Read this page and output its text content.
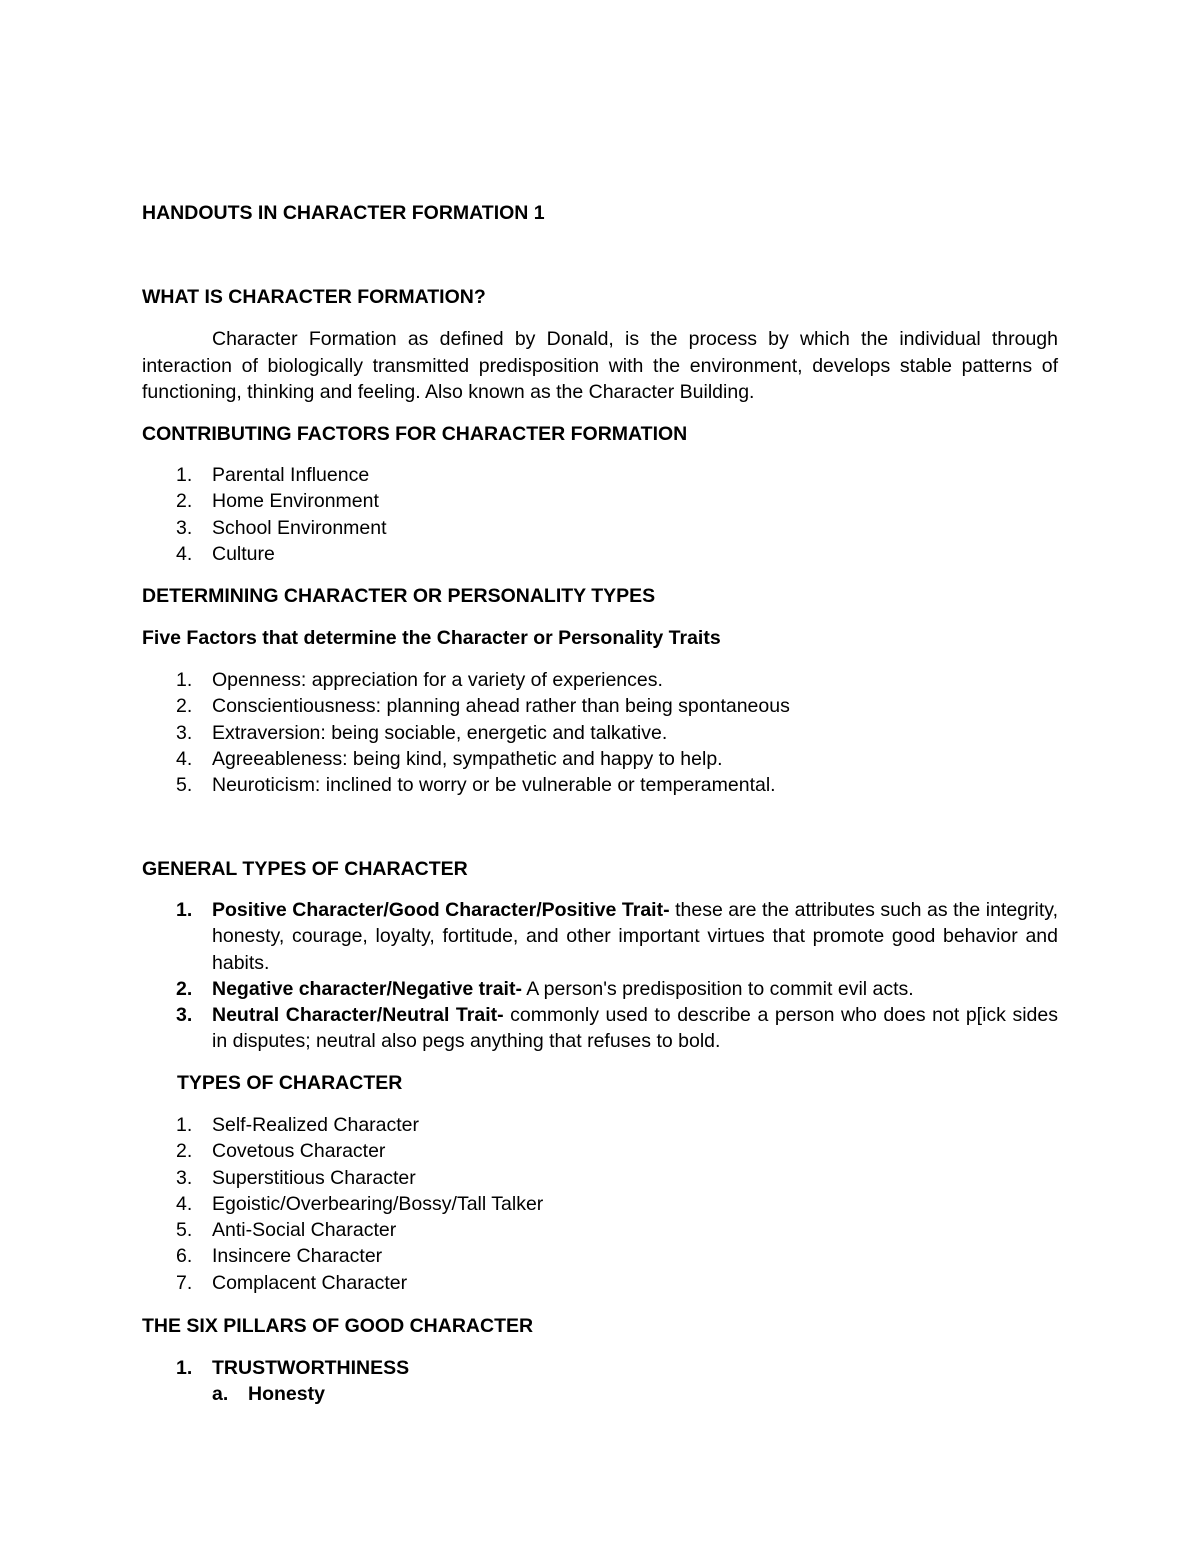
HANDOUTS IN CHARACTER FORMATION 1
WHAT IS CHARACTER FORMATION?
Character Formation as defined by Donald, is the process by which the individual through interaction of biologically transmitted predisposition with the environment, develops stable patterns of functioning, thinking and feeling. Also known as the Character Building.
CONTRIBUTING FACTORS FOR CHARACTER FORMATION
1.	Parental Influence
2.	Home Environment
3.	School Environment
4.	Culture
DETERMINING CHARACTER OR PERSONALITY TYPES
Five Factors that determine the Character or Personality Traits
1.	Openness: appreciation for a variety of experiences.
2.	Conscientiousness: planning ahead rather than being spontaneous
3.	Extraversion: being sociable, energetic and talkative.
4.	Agreeableness: being kind, sympathetic and happy to help.
5.	Neuroticism: inclined to worry or be vulnerable or temperamental.
GENERAL TYPES OF CHARACTER
1.	Positive Character/Good Character/Positive Trait- these are the attributes such as the integrity, honesty, courage, loyalty, fortitude, and other important virtues that promote good behavior and habits.
2.	Negative character/Negative trait- A person's predisposition to commit evil acts.
3.	Neutral Character/Neutral Trait- commonly used to describe a person who does not p[ick sides in disputes; neutral also pegs anything that refuses to bold.
TYPES OF CHARACTER
1.	Self-Realized Character
2.	Covetous Character
3.	Superstitious Character
4.	Egoistic/Overbearing/Bossy/Tall Talker
5.	Anti-Social Character
6.	Insincere Character
7.	Complacent Character
THE SIX PILLARS OF GOOD CHARACTER
1.	TRUSTWORTHINESS
a.	Honesty
